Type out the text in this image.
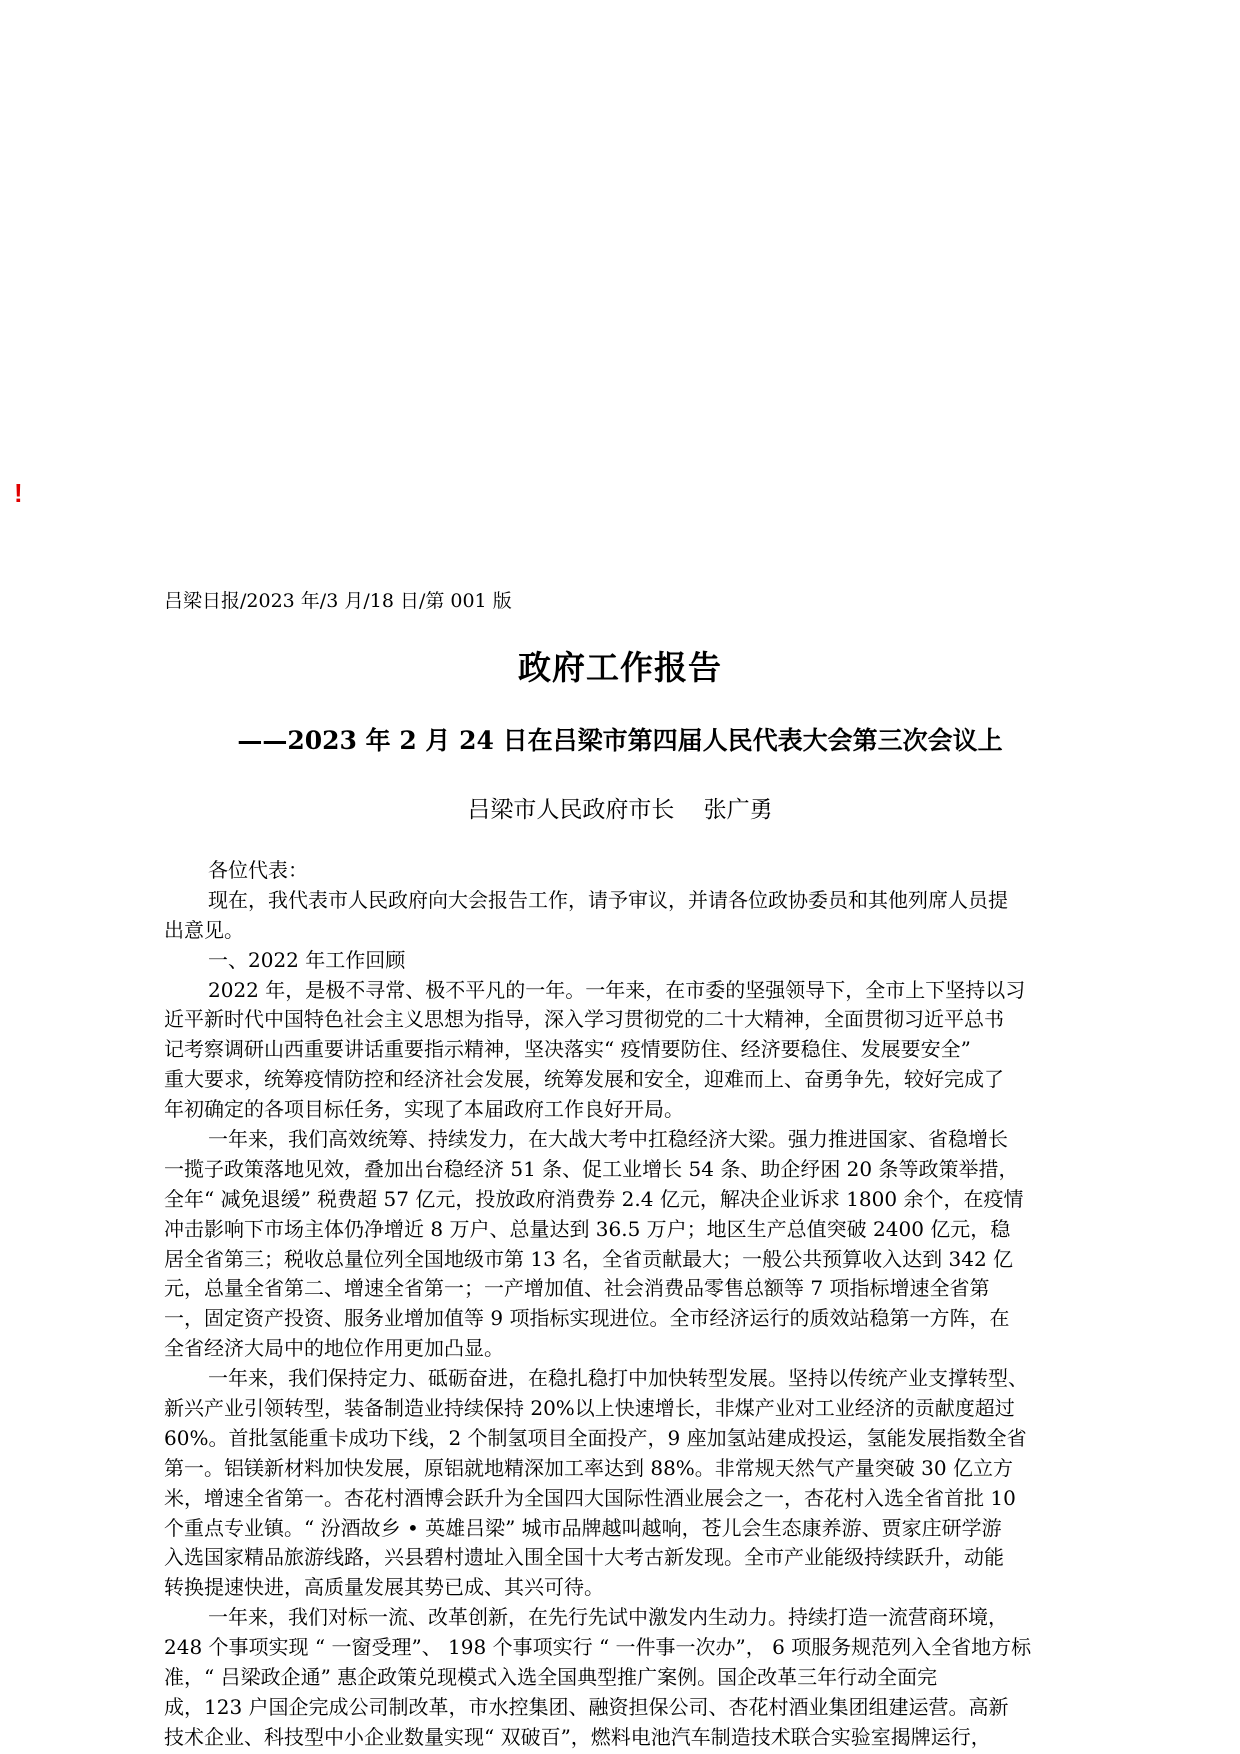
!
吕梁日报/2023 年/3 月/18 日/第 001 版
政府工作报告
——2023 年 2 月 24 日在吕梁市第四届人民代表大会第三次会议上
吕梁市人民政府市长    张广勇
各位代表：
现在，我代表市人民政府向大会报告工作，请予审议，并请各位政协委员和其他列席人员提
出意见。
一、2022 年工作回顾
2022 年，是极不寻常、极不平凡的一年。一年来，在市委的坚强领导下，全市上下坚持以习
近平新时代中国特色社会主义思想为指导，深入学习贯彻党的二十大精神，全面贯彻习近平总书
记考察调研山西重要讲话重要指示精神，坚决落实“ 疫情要防住、经济要稳住、发展要安全”
重大要求，统筹疫情防控和经济社会发展，统筹发展和安全，迎难而上、奋勇争先，较好完成了
年初确定的各项目标任务，实现了本届政府工作良好开局。
一年来，我们高效统筹、持续发力，在大战大考中扛稳经济大梁。强力推进国家、省稳增长
一揽子政策落地见效，叠加出台稳经济 51 条、促工业增长 54 条、助企纾困 20 条等政策举措，
全年“ 减免退缓” 税费超 57 亿元，投放政府消费券 2.4 亿元，解决企业诉求 1800 余个，在疫情
冲击影响下市场主体仍净增近 8 万户、总量达到 36.5 万户；地区生产总值突破 2400 亿元，稳
居全省第三；税收总量位列全国地级市第 13 名，全省贡献最大；一般公共预算收入达到 342 亿
元，总量全省第二、增速全省第一；一产增加值、社会消费品零售总额等 7 项指标增速全省第
一，固定资产投资、服务业增加值等 9 项指标实现进位。全市经济运行的质效站稳第一方阵，在
全省经济大局中的地位作用更加凸显。
一年来，我们保持定力、砥砺奋进，在稳扎稳打中加快转型发展。坚持以传统产业支撑转型、
新兴产业引领转型，装备制造业持续保持 20%以上快速增长，非煤产业对工业经济的贡献度超过
60%。首批氢能重卡成功下线，2 个制氢项目全面投产，9 座加氢站建成投运，氢能发展指数全省
第一。铝镁新材料加快发展，原铝就地精深加工率达到 88%。非常规天然气产量突破 30 亿立方
米，增速全省第一。杏花村酒博会跃升为全国四大国际性酒业展会之一，杏花村入选全省首批 10
个重点专业镇。“ 汾酒故乡 • 英雄吕梁” 城市品牌越叫越响，苍儿会生态康养游、贾家庄研学游
入选国家精品旅游线路，兴县碧村遗址入围全国十大考古新发现。全市产业能级持续跃升，动能
转换提速快进，高质量发展其势已成、其兴可待。
一年来，我们对标一流、改革创新，在先行先试中激发内生动力。持续打造一流营商环境，
248 个事项实现 “ 一窗受理”、 198 个事项实行 “ 一件事一次办”， 6 项服务规范列入全省地方标
准，“ 吕梁政企通” 惠企政策兑现模式入选全国典型推广案例。国企改革三年行动全面完
成，123 户国企完成公司制改革，市水控集团、融资担保公司、杏花村酒业集团组建运营。高新
技术企业、科技型中小企业数量实现“ 双破百”，燃料电池汽车制造技术联合实验室揭牌运行，
